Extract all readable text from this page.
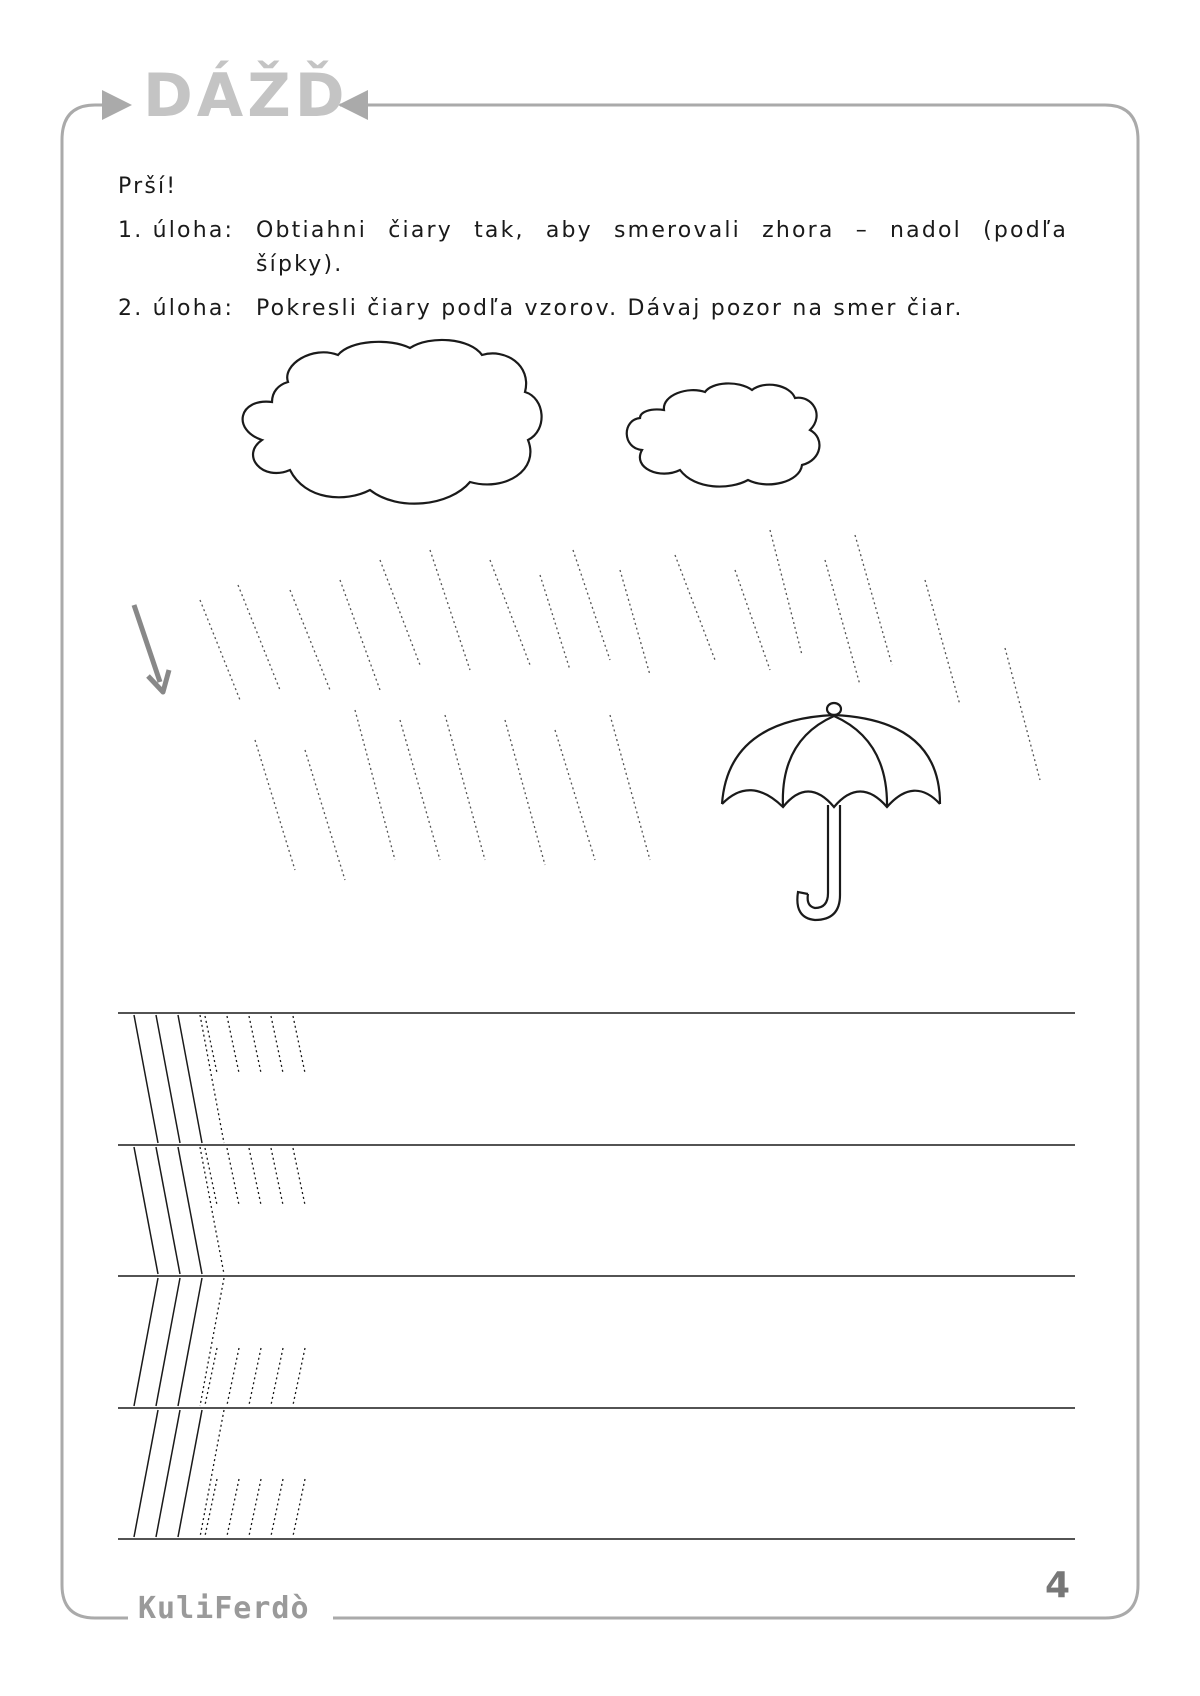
DÁŽĎ
Prší!
1. úloha: Obtiahni čiary tak, aby smerovali zhora – nadol (podľa šípky).
2. úloha: Pokresli čiary podľa vzorov. Dávaj pozor na smer čiar.
KuliFerdò
4
